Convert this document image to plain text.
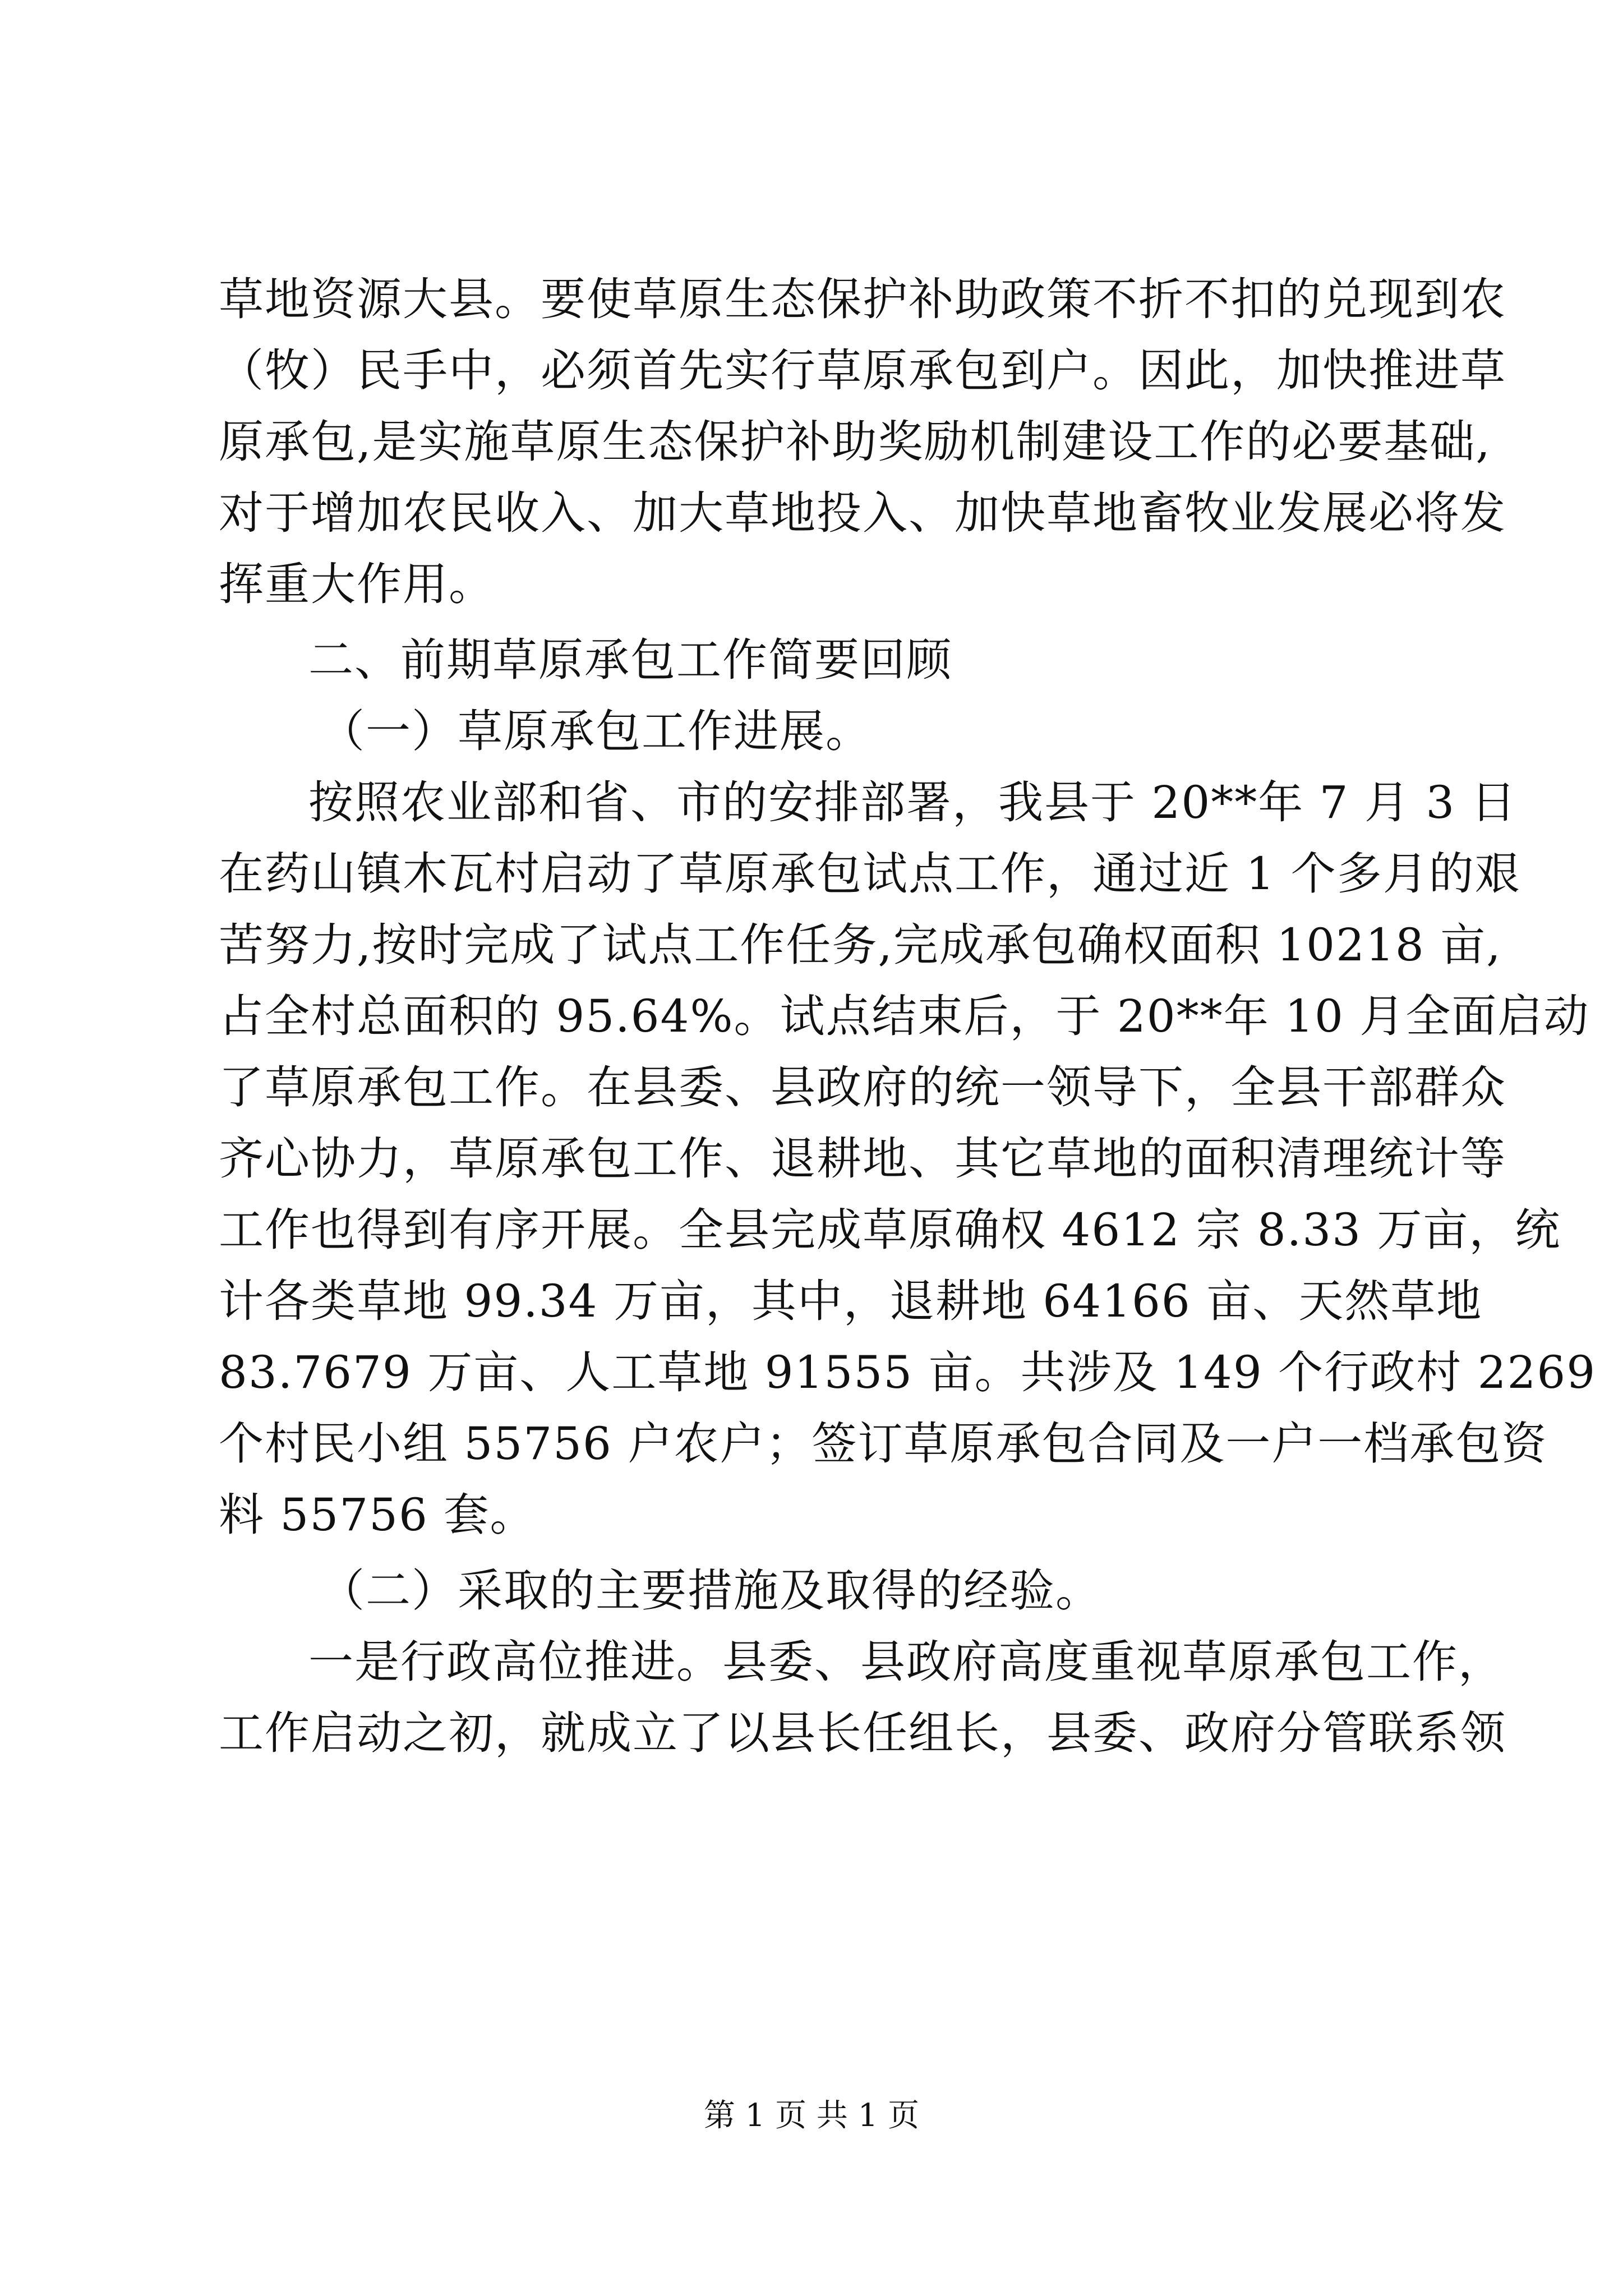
草地资源大县。要使草原生态保护补助政策不折不扣的兑现到农
（牧）民手中，必须首先实行草原承包到户。因此，加快推进草
原承包,是实施草原生态保护补助奖励机制建设工作的必要基础,
对于增加农民收入、加大草地投入、加快草地畜牧业发展必将发
挥重大作用。
二、前期草原承包工作简要回顾
（一）草原承包工作进展。
按照农业部和省、市的安排部署，我县于 20**年 7 月 3 日
在药山镇木瓦村启动了草原承包试点工作，通过近 1 个多月的艰
苦努力,按时完成了试点工作任务,完成承包确权面积 10218 亩,
占全村总面积的 95.64%。试点结束后，于 20**年 10 月全面启动
了草原承包工作。在县委、县政府的统一领导下，全县干部群众
齐心协力，草原承包工作、退耕地、其它草地的面积清理统计等
工作也得到有序开展。全县完成草原确权 4612 宗 8.33 万亩，统
计各类草地 99.34 万亩，其中，退耕地 64166 亩、天然草地
83.7679 万亩、人工草地 91555 亩。共涉及 149 个行政村 2269
个村民小组 55756 户农户；签订草原承包合同及一户一档承包资
料 55756 套。
（二）采取的主要措施及取得的经验。
一是行政高位推进。县委、县政府高度重视草原承包工作，
工作启动之初，就成立了以县长任组长，县委、政府分管联系领
第 1 页 共 1 页
